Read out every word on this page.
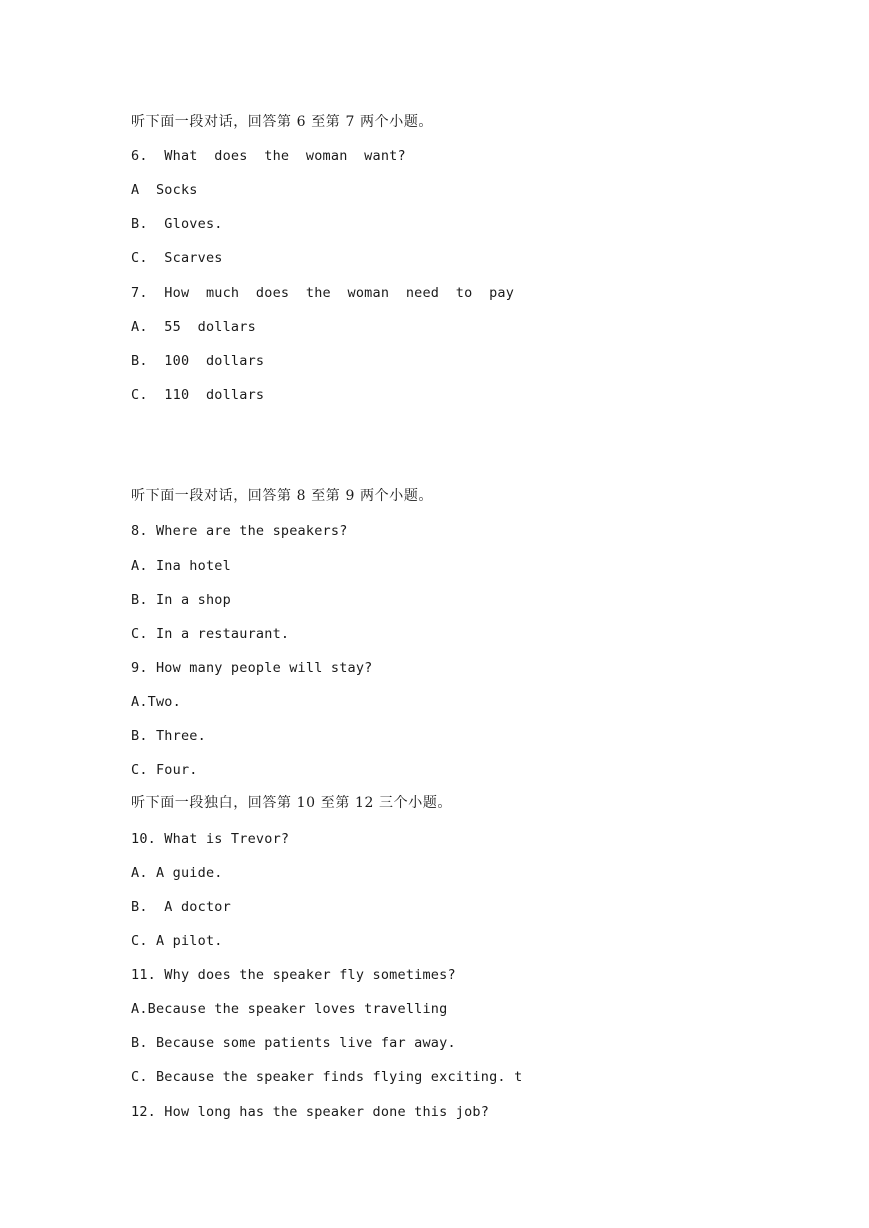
听下面一段对话，回答第 6 至第 7 两个小题。
6.  What  does  the  woman  want?
A  Socks
B.  Gloves.
C.  Scarves
7.  How  much  does  the  woman  need  to  pay
A.  55  dollars
B.  100  dollars
C.  110  dollars
听下面一段对话，回答第 8 至第 9 两个小题。
8. Where are the speakers?
A. Ina hotel
B. In a shop
C. In a restaurant.
9. How many people will stay?
A.Two.
B. Three.
C. Four.
听下面一段独白，回答第 10 至第 12 三个小题。
10. What is Trevor?
A. A guide.
B.  A doctor
C. A pilot.
11. Why does the speaker fly sometimes?
A.Because the speaker loves travelling
B. Because some patients live far away.
C. Because the speaker finds flying exciting. t
12. How long has the speaker done this job?
